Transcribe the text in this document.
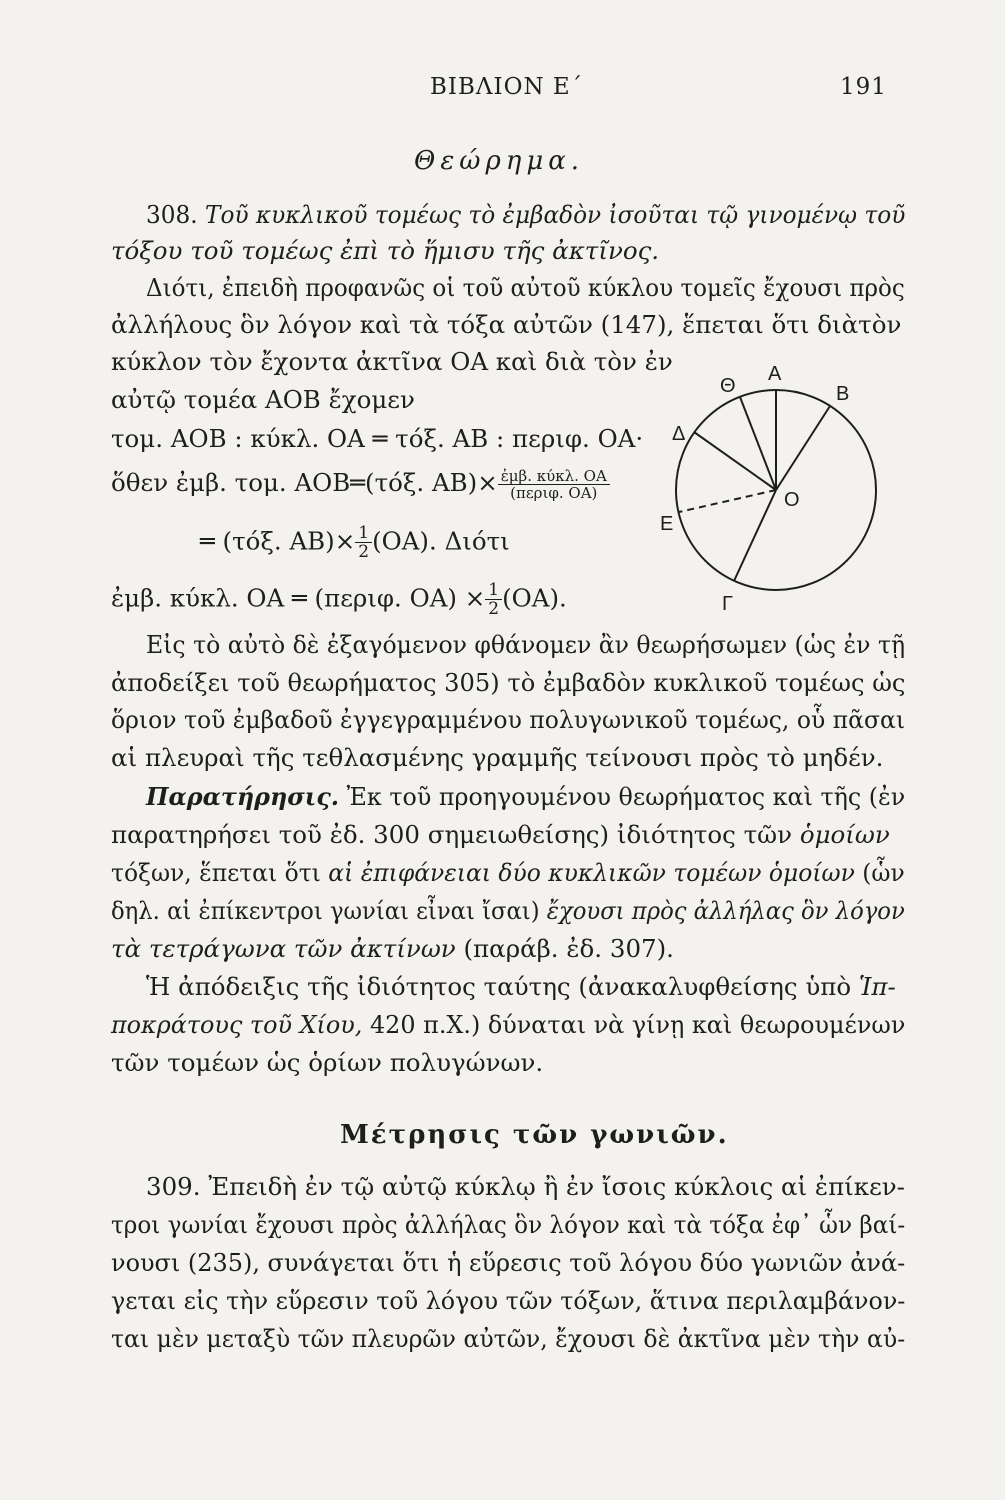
ΒΙΒΛΙΟΝ Ε΄	191
Θεώρημα.
308. Τοῦ κυκλικοῦ τομέως τὸ ἐμβαδὸν ἰσοῦται τῷ γινομένῳ τοῦ
τόξου τοῦ τομέως ἐπὶ τὸ ἥμισυ τῆς ἀκτῖνος.
Διότι, ἐπειδὴ προφανῶς οἱ τοῦ αὐτοῦ κύκλου τομεῖς ἔχουσι πρὸς
ἀλλήλους ὃν λόγον καὶ τὰ τόξα αὐτῶν (147), ἕπεται ὅτι διὰ τὸν
κύκλον τὸν ἔχοντα ἀκτῖνα ΟΑ καὶ διὰ τὸν ἐν
αὐτῷ τομέα ΑΟΒ ἔχομεν
τομ. ΑΟΒ : κύκλ. ΟΑ ═ τόξ. ΑΒ : περιφ. ΟΑ·
ὅθεν ἐμβ. τομ. ΑΟΒ═(τόξ. $AB)\times \frac{\text{ἐμβ. κύκλ. ΟΑ}}{\text{(περιφ. ΟΑ)}}$
═ (τόξ. $AB)\times \frac{1}{2} (OA)$. Διότι
ἐμβ. κύκλ. ΟΑ ═ (περιφ. $OA) \times \frac{1}{2} (OA)$.
A
B
Θ
Δ
E
O
Γ
Εἰς τὸ αὐτὸ δὲ ἐξαγόμενον φθάνομεν ἂν θεωρήσωμεν (ὡς ἐν τῇ
ἀποδείξει τοῦ θεωρήματος 305) τὸ ἐμβαδὸν κυκλικοῦ τομέως ὡς
ὅριον τοῦ ἐμβαδοῦ ἐγγεγραμμένου πολυγωνικοῦ τομέως, οὗ πᾶσαι
αἱ πλευραὶ τῆς τεθλασμένης γραμμῆς τείνουσι πρὸς τὸ μηδέν.
Παρατήρησις. Ἐκ τοῦ προηγουμένου θεωρήματος καὶ τῆς (ἐν
παρατηρήσει τοῦ ἐδ. 300 σημειωθείσης) ἰδιότητος τῶν ὁμοίων
τόξων, ἕπεται ὅτι αἱ ἐπιφάνειαι δύο κυκλικῶν τομέων ὁμοίων (ὧν
δηλ. αἱ ἐπίκεντροι γωνίαι εἶναι ἴσαι) ἔχουσι πρὸς ἀλλήλας ὃν λόγον
τὰ τετράγωνα τῶν ἀκτίνων (παράβ. ἐδ. 307).
Ἡ ἀπόδειξις τῆς ἰδιότητος ταύτης (ἀνακαλυφθείσης ὑπὸ Ἱπ-
ποκράτους τοῦ Χίου, 420 π.Χ.) δύναται νὰ γίνῃ καὶ θεωρουμένων
τῶν τομέων ὡς ὁρίων πολυγώνων.
Μέτρησις τῶν γωνιῶν.
309. Ἐπειδὴ ἐν τῷ αὐτῷ κύκλῳ ἢ ἐν ἴσοις κύκλοις αἱ ἐπίκεν-
τροι γωνίαι ἔχουσι πρὸς ἀλλήλας ὃν λόγον καὶ τὰ τόξα ἐφ᾽ ὧν βαί-
νουσι (235), συνάγεται ὅτι ἡ εὕρεσις τοῦ λόγου δύο γωνιῶν ἀνά-
γεται εἰς τὴν εὕρεσιν τοῦ λόγου τῶν τόξων, ἅτινα περιλαμβάνον-
ται μὲν μεταξὺ τῶν πλευρῶν αὐτῶν, ἔχουσι δὲ ἀκτῖνα μὲν τὴν αὐ-
